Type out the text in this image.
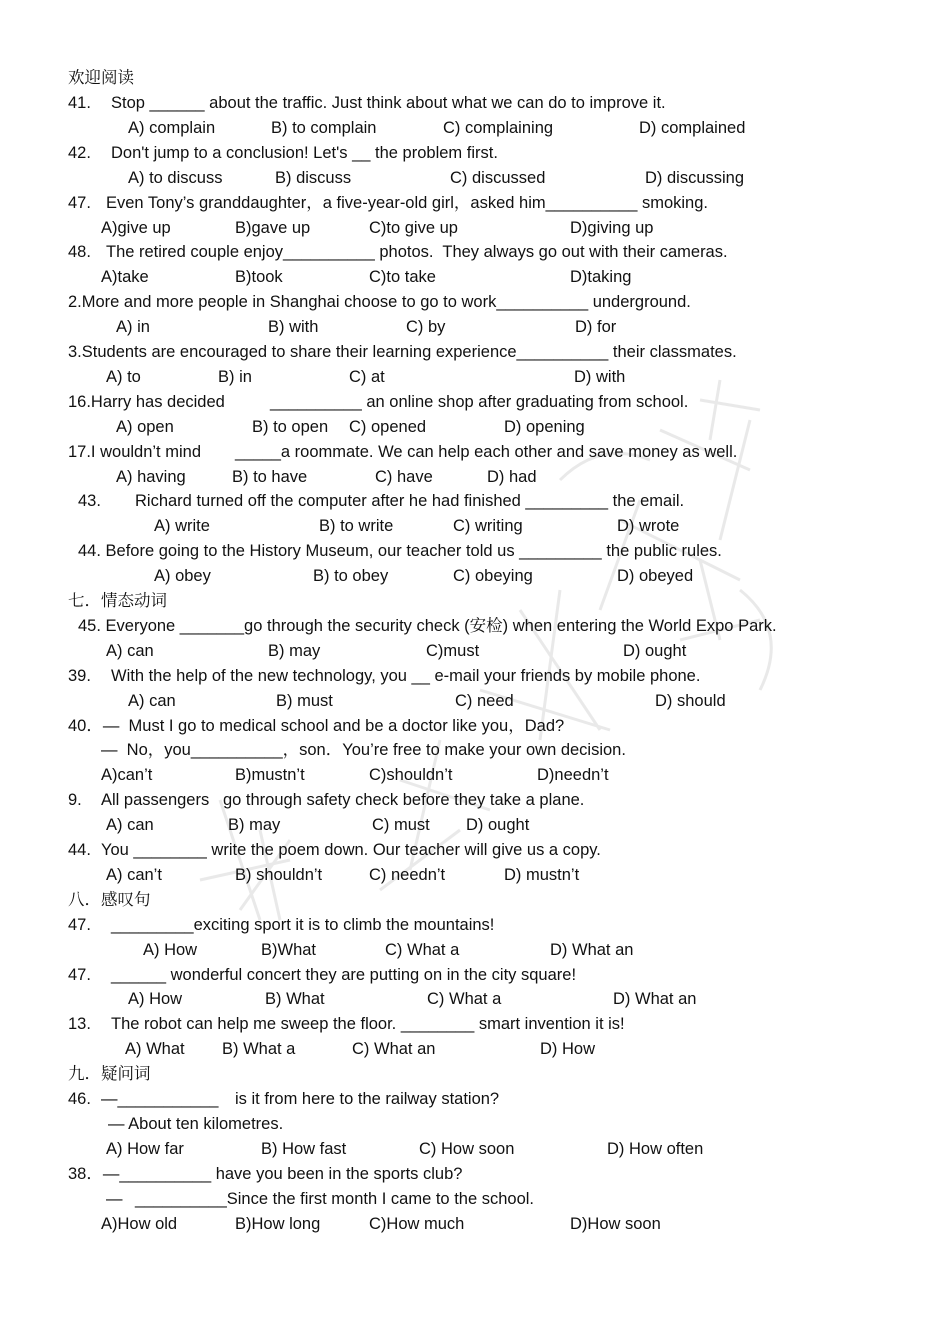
欢迎阅读

41. Stop ______ about the traffic. Just think about what we can do to improve it.
A) complain	B) to complain	C) complaining	D) complained
42. Don't jump to a conclusion! Let's __ the problem first.
A) to discuss	B) discuss	C) discussed	D) discussing
47. Even Tony’s granddaughter，a five-year-old girl，asked him__________ smoking.
A)give up	B)gave up	C)to give up	D)giving up
48. The retired couple enjoy__________ photos.  They always go out with their cameras.
A)take	B)took	C)to take	D)taking
2.More and more people in Shanghai choose to go to work__________ underground.
A) in	B) with	C) by	D) for
3.Students are encouraged to share their learning experience__________ their classmates.
A) to	B) in	C) at	D) with
16.Harry has decided	__________ an online shop after graduating from school.
A) open	B) to open C) opened	D) opening
17.I wouldn’t mind _____a roommate. We can help each other and save money as well.
A) having	B) to have	C) have	D) had
43. Richard turned off the computer after he had finished _________ the email.
A) write	B) to write	C) writing	D) wrote
44. Before going to the History Museum, our teacher told us _________ the public rules.
A) obey	B) to obey	C) obeying	D) obeyed
七．情态动词
45. Everyone _______go through the security check (安检) when entering the World Expo Park.
A) can	B) may	C)must	D) ought
39. With the help of the new technology, you __ e-mail your friends by mobile phone.
A) can	B) must	C) need	D) should
40．—  Must I go to medical school and be a doctor like you，Dad?
—  No，you__________，son．You’re free to make your own decision.
A)can’t	B)mustn’t	C)shouldn’t	D)needn’t
9. All passengers   go through safety check before they take a plane.
A) can	B) may	C) must D) ought
44. You ________ write the poem down. Our teacher will give us a copy.
A) can’t	B) shouldn’t	C) needn’t	D) mustn’t
八．感叹句
47. _________exciting sport it is to climb the mountains!
A) How	B)What	C) What a	D) What an
47. ______ wonderful concert they are putting on in the city square!
A) How	B) What	C) What a	D) What an
13. The robot can help me sweep the floor. ________ smart invention it is!
A) What B) What a	C) What an	D) How
九．疑问词
46. —___________ is it from here to the railway station?
— About ten kilometres.
A) How far	B) How fast	C) How soon	D) How often
38．—__________ have you been in the sports club?
— __________Since the first month I came to the school.
A)How old	B)How long	C)How much	D)How soon
